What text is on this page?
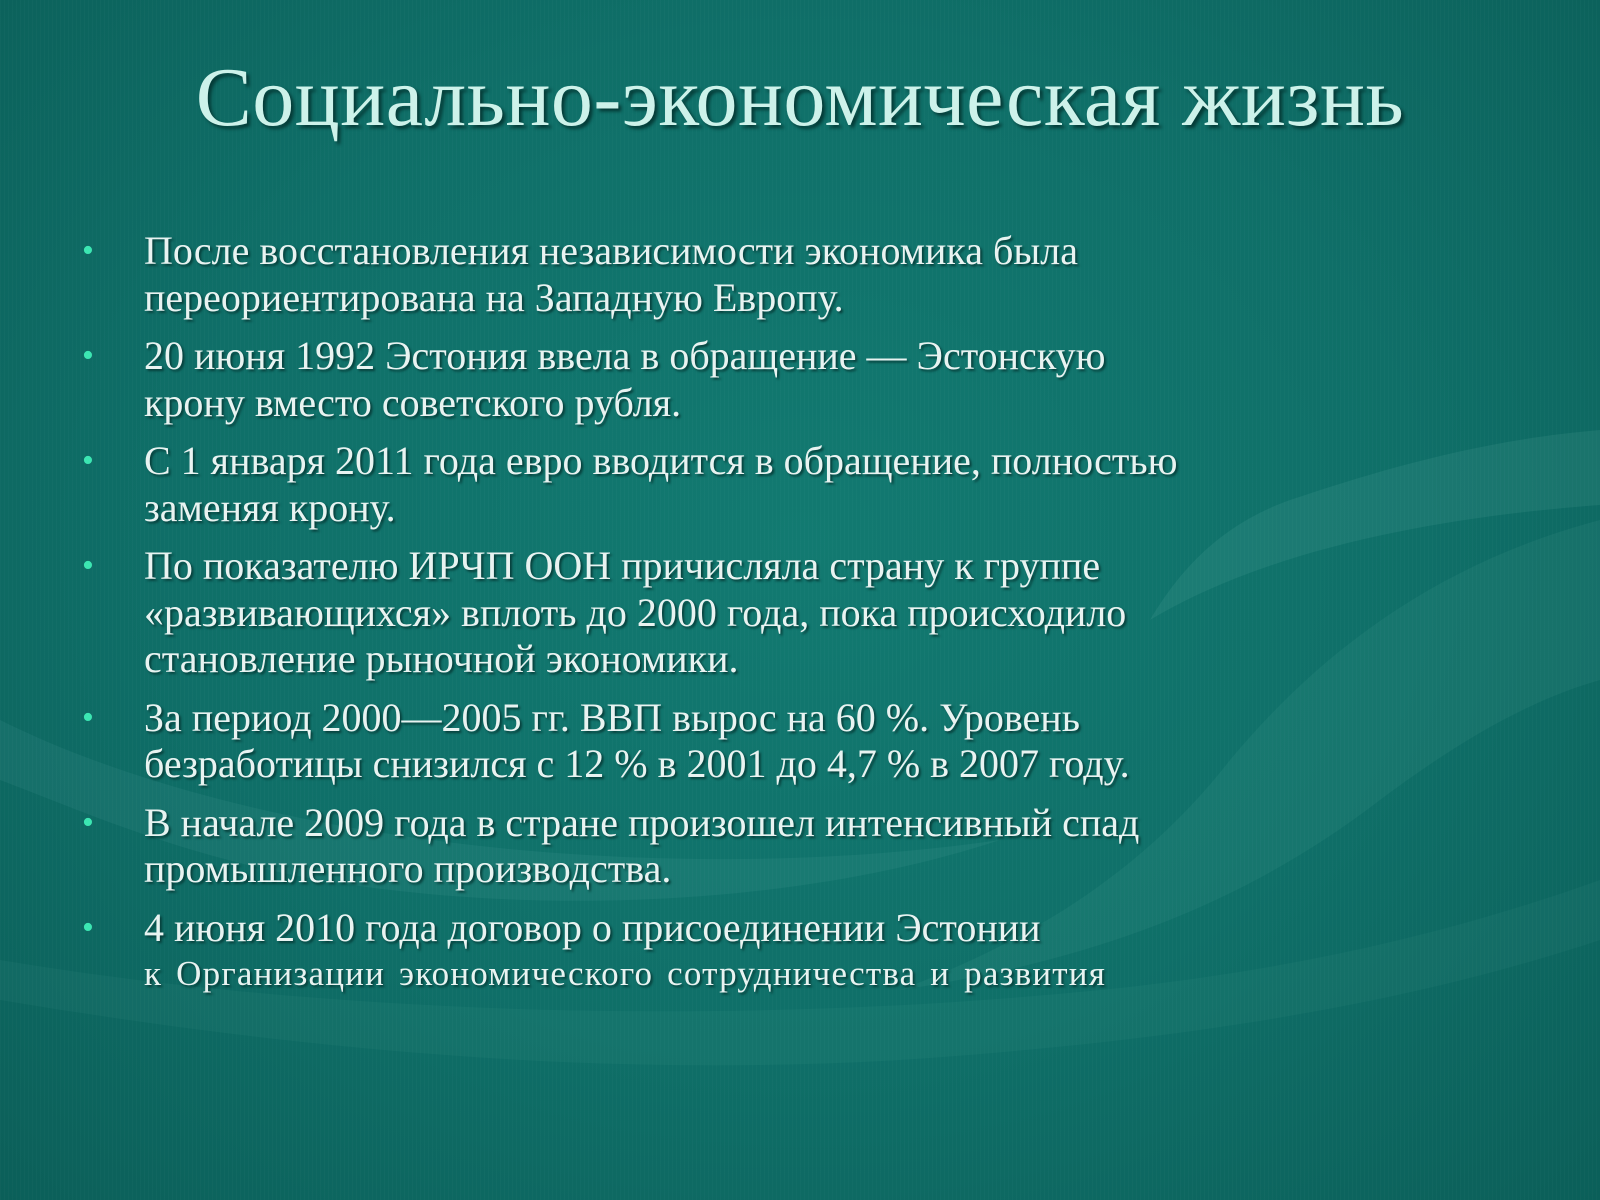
Социально-экономическая жизнь
•	После восстановления независимости экономика была
переориентирована на Западную Европу.
•	20 июня 1992 Эстония ввела в обращение — Эстонскую
крону вместо советского рубля.
•	С 1 января 2011 года евро вводится в обращение, полностью
заменяя крону.
•	По показателю ИРЧП ООН причисляла страну к группе
«развивающихся» вплоть до 2000 года, пока происходило
становление рыночной экономики.
•	За период 2000—2005 гг. ВВП вырос на 60 %. Уровень
безработицы снизился с 12 % в 2001 до 4,7 % в 2007 году.
•	В начале 2009 года в стране произошел интенсивный спад
промышленного производства.
•	4 июня 2010 года договор о присоединении Эстонии
к Организации экономического сотрудничества и развития
